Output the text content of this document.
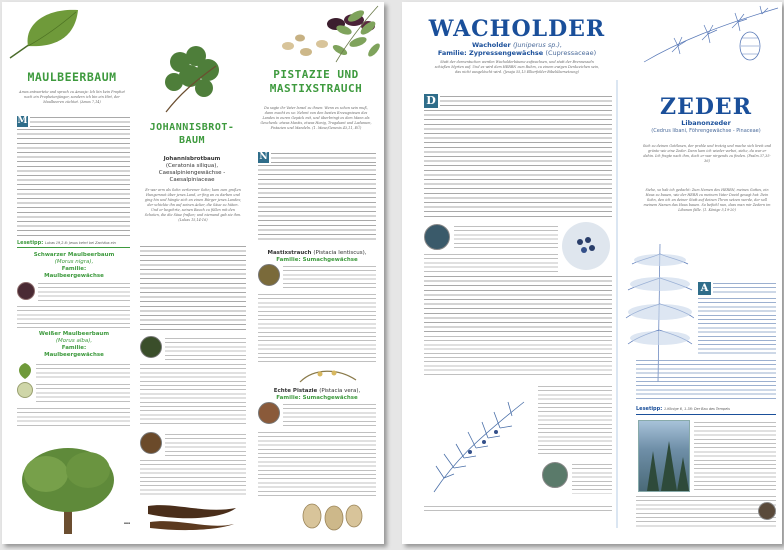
MAULBEERBAUM
Amos antwortete und sprach zu Amazja: Ich bin kein Prophet noch ein Prophetenjünger, sondern ich bin ein Hirt, der Maulbeeren züchtet. (Amos 7,14)
M
Lesetipp: Lukas 19,2-6: Jesus kehrt bei Zachäus ein
Schwarzer Maulbeerbaum
(Morus nigra),
Familie:
Maulbeergewächse
Weißer Maulbeerbaum
(Morus alba),
Familie:
Maulbeergewächse
▪▪▪
JOHANNISBROT-
BAUM
Johannisbrotbaum
(Ceratonia siliqua),
Caesalpiniengewächse -
Caesalpiniaceae
Er war arm als Sohn verlorener Sohn; kam zum großen Hungersnot über jenes Land, er fing an zu darben und ging hin und hängte sich an einen Bürger jenes Landes; der schickte ihn auf seinen Acker, die Säue zu hüten. Und er begehrte, seinen Bauch zu füllen mit den Schoten, die die Säue fraßen; und niemand gab sie ihm. (Lukas 15,14-16)
PISTAZIE UND
MASTIXSTRAUCH
Da sagte ihr Vater Israel zu ihnen: Wenn es schon sein muß, dann macht es so: Nehmt von den besten Erzeugnissen des Landes in euren Gepäck mit, und überbringt es dem Mann als Geschenk: etwas Mastix, etwas Honig, Tragakant und Ladanum, Pistazien und Mandeln. (1. Mose/Genesis 43,11, EÜ)
N
Mastixstrauch (Pistacia lentiscus),
Familie: Sumachgewächse
Echte Pistazie (Pistacia vera),
Familie: Sumachgewächse
WACHOLDER
Wacholder (Juniperus sp.),
Familie: Zypressengewächse (Cupressaceae)
Statt der dornentuchen werden Wacholderbäume aufwachsen, und statt der Brennesseln schießen Myrten auf. Und es wird dem HERRN zum Ruhm, zu einem ewigen Denkzeichen sein, das nicht ausgelöscht wird. (Jesaja 55,13 Elberfelder Bibelübersetzung)
D	ZEDER
Libanonzeder
(Cedrus libani, Föhrengewächse - Pinaceae)
Sieh zu deinen Gottlosen, der prahle und trotzig und mache sich breit und grünte wie eine Zeder. Dann kam ich wieder vorbei, siehe, da war er dahin. Ich fragte nach ihm, doch er war nirgends zu finden. (Psalm 37,35-36)
Siehe, so hab ich gedacht: Zum Namen des HERRN, meines Gottes, ein Haus zu bauen, wie der HERR zu meinem Vater David gesagt hat: Dein Sohn, den ich an deiner Statt auf deinen Thron setzen werde, der soll meinem Namen das Haus bauen. So befiehl nun, dass man mir Zedern im Libanon fälle. (1. Könige 5,19-20)
A
Lesetipp: 1.Könige 6, 1-38: Der Bau des Tempels
